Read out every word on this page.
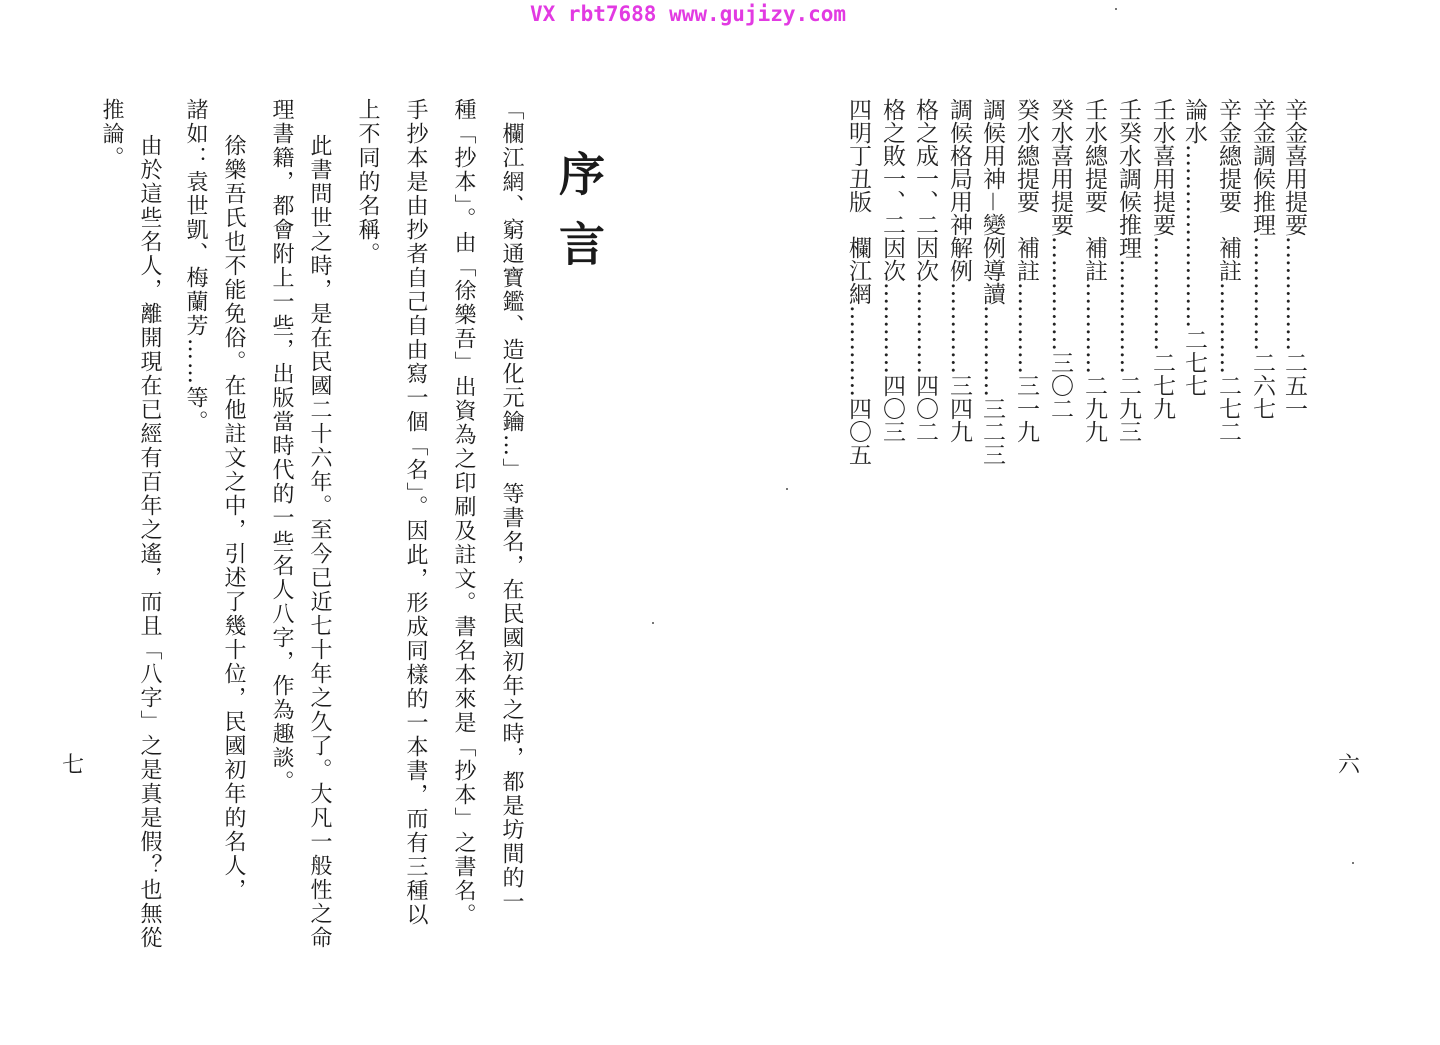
VX rbt7688 www.gujizy.com
辛金喜用提要……………二五一
辛金調候推理……………二六七
辛金總提要　補註…………二七二
論水……………………二七七
壬水喜用提要……………二七九
壬癸水調候推理……………二九三
壬水總提要　補註…………二九九
癸水喜用提要……………三〇二
癸水總提要　補註…………三一九
調候用神－變例導讀…………三二三
調候格局用神解例…………三四九
格之成一、二因次…………四〇二
格之敗一、二因次…………四〇三
四明丁丑版　欄江網…………四〇五
序言
「欄江網、窮通寶鑑、造化元鑰…」等書名，在民國初年之時，都是坊間的一
種「抄本」。由「徐樂吾」出資為之印刷及註文。書名本來是「抄本」之書名。
手抄本是由抄者自己自由寫一個「名」。因此，形成同樣的一本書，而有三種以
上不同的名稱。
此書問世之時，是在民國二十六年。至今已近七十年之久了。大凡一般性之命
理書籍，都會附上一些，出版當時代的一些名人八字，作為趣談。
徐樂吾氏也不能免俗。在他註文之中，引述了幾十位，民國初年的名人，
諸如：袁世凱、梅蘭芳……等。
由於這些名人，離開現在已經有百年之遙，而且「八字」之是真是假？也無從
推論。
六
七
